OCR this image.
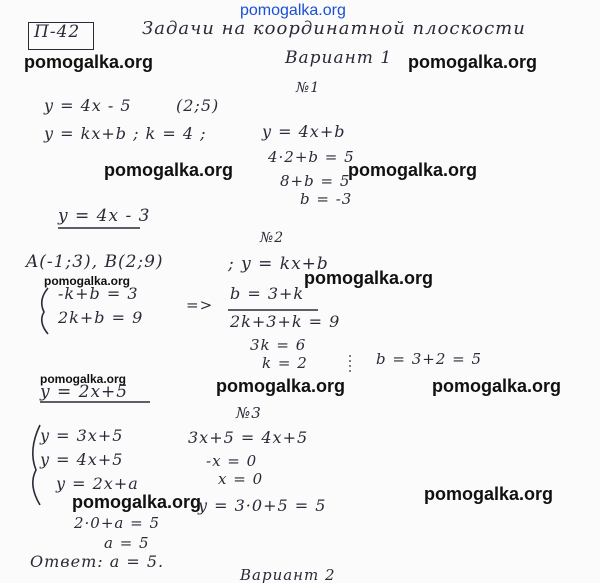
П-42	Задачи на координатной плоскости
Вариант 1
№1
y = 4x - 5	(2;5)
y = kx+b ; k = 4 ;	y = 4x+b
4·2+b = 5
8+b = 5
b = -3
y = 4x - 3
№2
A(-1;3), B(2;9)	; y = kx+b
-k+b = 3
2k+b = 9
=>
b = 3+k
2k+3+k = 9
3k = 6
k = 2	b = 3+2 = 5
y = 2x+5
№3
y = 3x+5
y = 4x+5
y = 2x+a
3x+5 = 4x+5
-x = 0
x = 0
y = 3·0+5 = 5
2·0+a = 5
a = 5
Ответ: a = 5.
Вариант 2
pomogalka.org
pomogalka.org	pomogalka.org
pomogalka.org	pomogalka.org
pomogalka.org
pomogalka.org
pomogalka.org	pomogalka.org	pomogalka.org
pomogalka.org	pomogalka.org
